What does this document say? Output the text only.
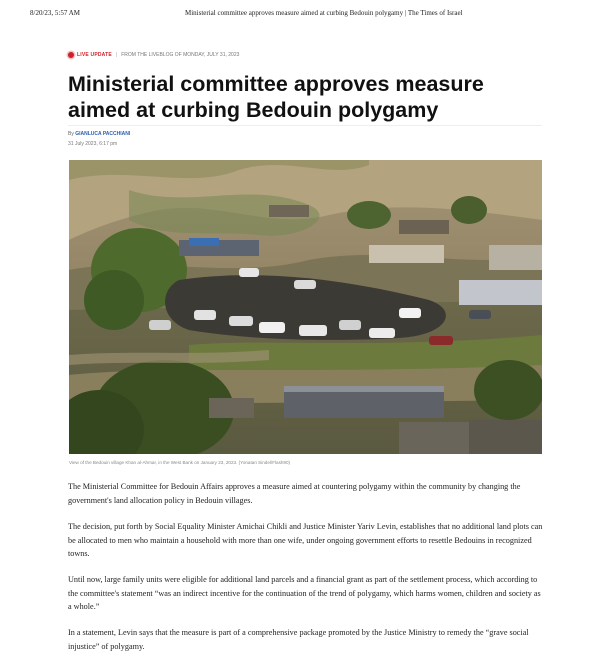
8/20/23, 5:57 AM	Ministerial committee approves measure aimed at curbing Bedouin polygamy | The Times of Israel
LIVE UPDATE | FROM THE LIVEBLOG OF MONDAY, JULY 31, 2023
Ministerial committee approves measure aimed at curbing Bedouin polygamy
By GIANLUCA PACCHIANI
31 July 2023, 6:17 pm
View of the Bedouin village Khan al-Ahmar, in the West Bank on January 23, 2023. (Yonatan Sindel/Flash90)

The Ministerial Committee for Bedouin Affairs approves a measure aimed at countering polygamy within the community by changing the government's land allocation policy in Bedouin villages.

The decision, put forth by Social Equality Minister Amichai Chikli and Justice Minister Yariv Levin, establishes that no additional land plots can be allocated to men who maintain a household with more than one wife, under ongoing government efforts to resettle Bedouins in recognized towns.

Until now, large family units were eligible for additional land parcels and a financial grant as part of the settlement process, which according to the committee's statement “was an indirect incentive for the continuation of the trend of polygamy, which harms women, children and society as a whole.”

In a statement, Levin says that the measure is part of a comprehensive package promoted by the Justice Ministry to remedy the “grave social injustice” of polygamy.
